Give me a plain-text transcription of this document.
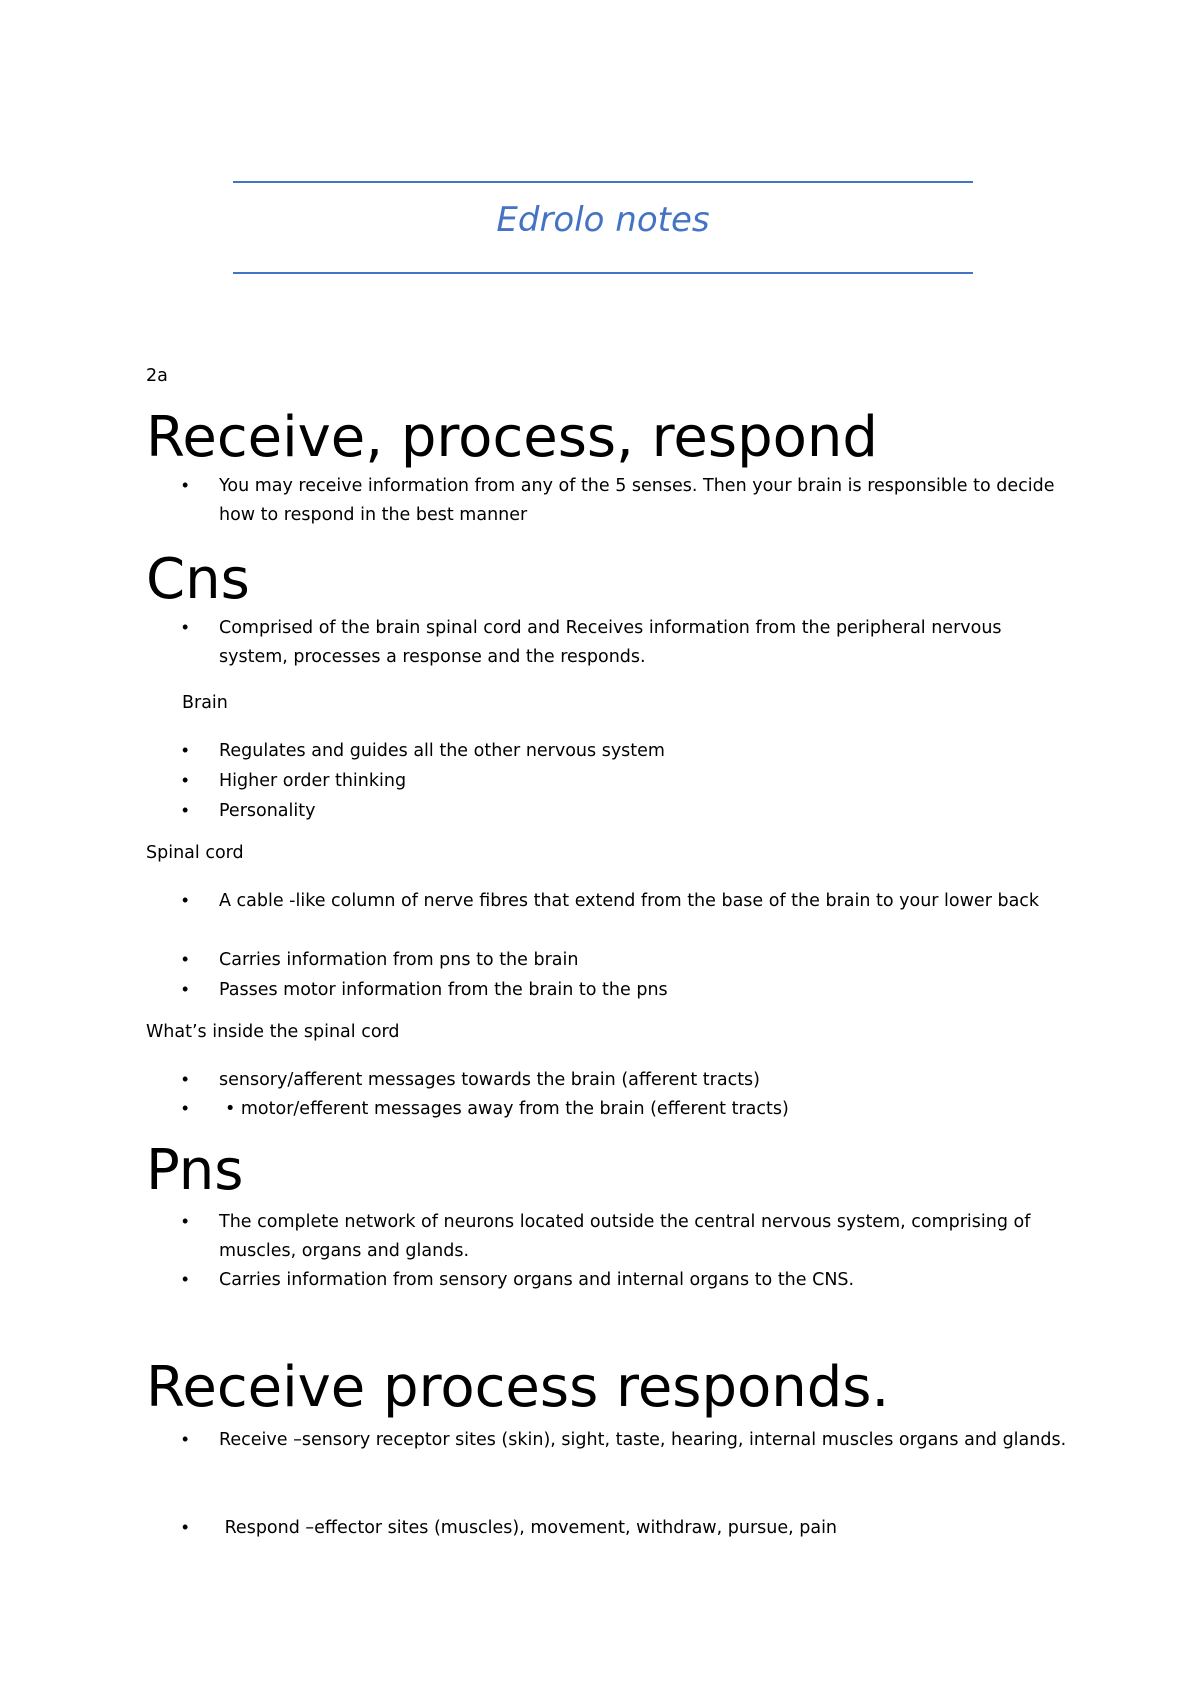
Edrolo notes
2a
Receive, process, respond
• You may receive information from any of the 5 senses. Then your brain is responsible to decide how to respond in the best manner
Cns
• Comprised of the brain spinal cord and Receives information from the peripheral nervous system, processes a response and the responds.
Brain
• Regulates and guides all the other nervous system
• Higher order thinking
• Personality
Spinal cord
• A cable -like column of nerve fibres that extend from the base of the brain to your lower back
• Carries information from pns to the brain
• Passes motor information from the brain to the pns
What’s inside the spinal cord
• sensory/afferent messages towards the brain (afferent tracts)
• • motor/efferent messages away from the brain (efferent tracts)
Pns
• The complete network of neurons located outside the central nervous system, comprising of muscles, organs and glands.
• Carries information from sensory organs and internal organs to the CNS.
Receive process responds.
• Receive –sensory receptor sites (skin), sight, taste, hearing, internal muscles organs and glands.
• Respond –effector sites (muscles), movement, withdraw, pursue, pain
